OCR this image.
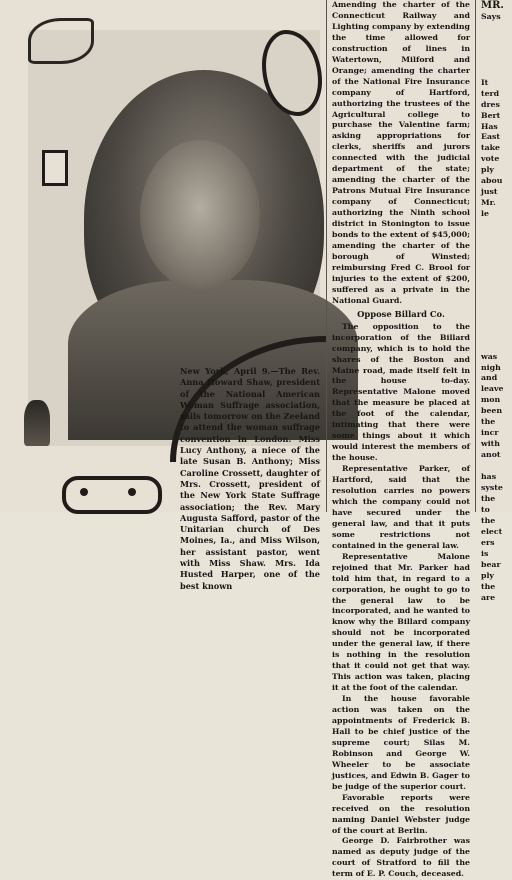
New York, April 9.—The Rev. Anna Howard Shaw, president of the National American Woman Suffrage association, sails tomorrow on the Zeeland to attend the woman suffrage convention in London. Miss Lucy Anthony, a niece of the late Susan B. Anthony; Miss Caroline Crossett, daughter of Mrs. Crossett, president of the New York State Suffrage association; the Rev. Mary Augusta Safford, pastor of the Unitarian church of Des Moines, Ia., and Miss Wilson, her assistant pastor, went with Miss Shaw. Mrs. Ida Husted Harper, one of the best known

Amending the charter of the Connecticut Railway and Lighting company by extending the time allowed for construction of lines in Watertown, Milford and Orange; amending the charter of the National Fire Insurance company of Hartford, authorizing the trustees of the Agricultural college to purchase the Valentine farm; asking appropriations for clerks, sheriffs and jurors connected with the judicial department of the state; amending the charter of the Patrons Mutual Fire Insurance company of Connecticut; authorizing the Ninth school district in Stonington to issue bonds to the extent of $45,000; amending the charter of the borough of Winsted; reimbursing Fred C. Brool for injuries to the extent of $200, suffered as a private in the National Guard.

Oppose Billard Co.

The opposition to the incorporation of the Billard company, which is to hold the shares of the Boston and Maine road, made itself felt in the house to-day. Representative Malone moved that the measure be placed at the foot of the calendar, intimating that there were some things about it which would interest the members of the house.

Representative Parker, of Hartford, said that the resolution carries no powers which the company could not have secured under the general law, and that it puts some restrictions not contained in the general law.

Representative Malone rejoined that Mr. Parker had told him that, in regard to a corporation, he ought to go to the general law to be incorporated, and he wanted to know why the Billard company should not be incorporated under the general law, if there is nothing in the resolution that it could not get that way. This action was taken, placing it at the foot of the calendar.

In the house favorable action was taken on the appointments of Frederick B. Hall to be chief justice of the supreme court; Silas M. Robinson and George W. Wheeler to be associate justices, and Edwin B. Gager to be judge of the superior court.

Favorable reports were received on the resolution naming Daniel Webster judge of the court at Berlin.

George D. Fairbrother was named as deputy judge of the court of Stratford to fill the term of E. P. Couch, deceased.

MR.
Says

It
terd
dres
Bert
Has
East
take
vote
ply
abou
just
Mr.
le

was
nigh
and
leave
mon
been
the
incr
with
anot

has
syste
the
to
the
elect
ers
is
bear
ply
the
are
